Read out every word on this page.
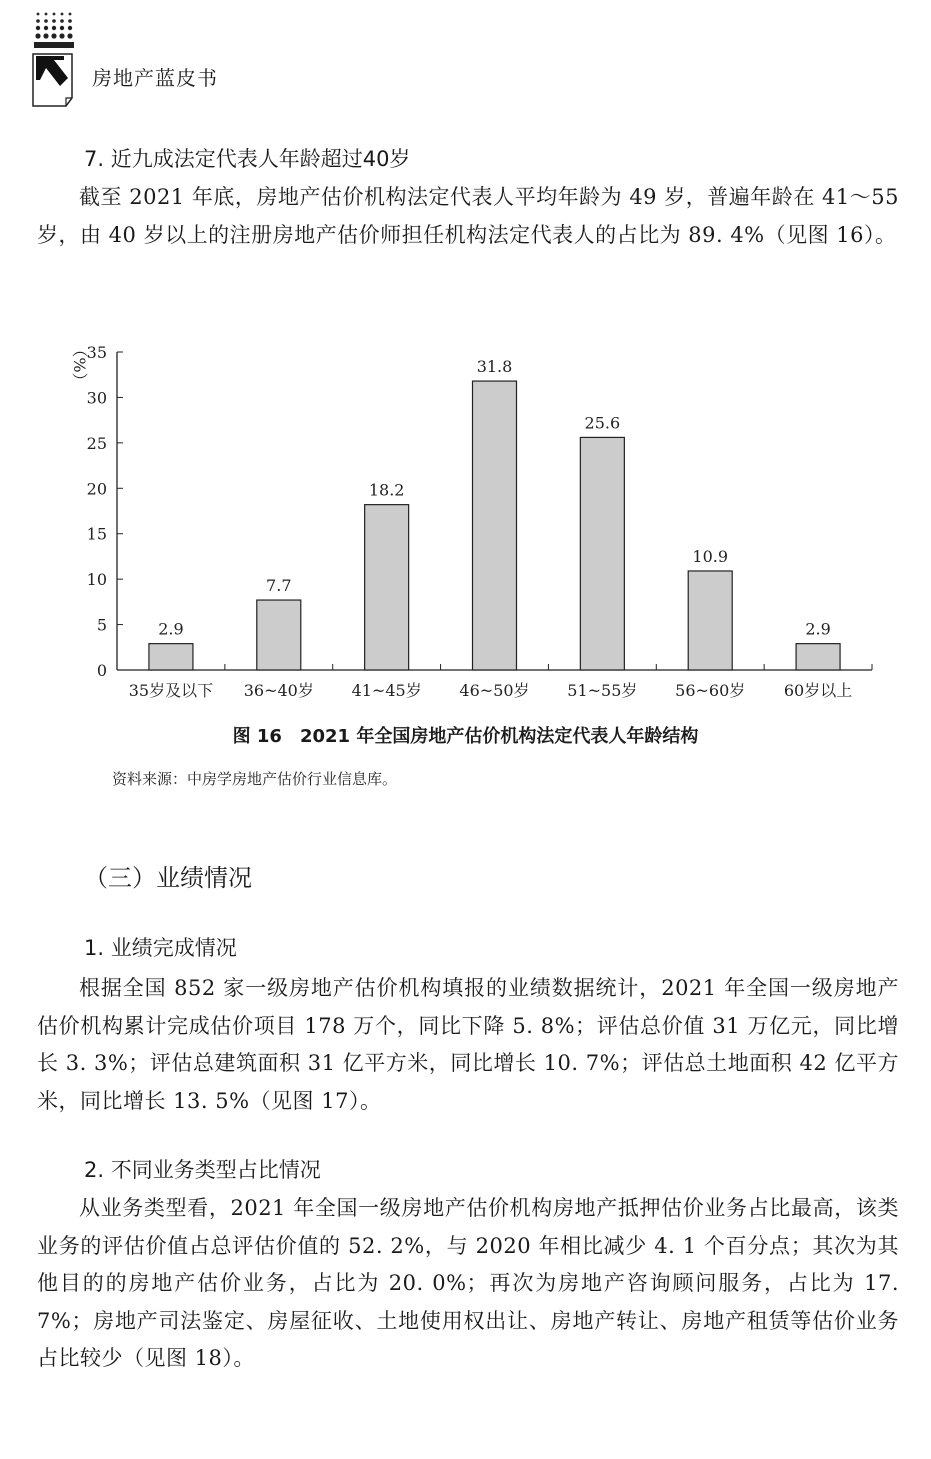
房地产蓝皮书
7. 近九成法定代表人年龄超过40岁
截至 2021 年底，房地产估价机构法定代表人平均年龄为 49 岁，普遍年龄在 41～55 岁，由 40 岁以上的注册房地产估价师担任机构法定代表人的占比为 89. 4%（见图 16）。
0
5
10
15
20
25
30
35
（%）
2.9
35岁及以下
7.7
36~40岁
18.2
41~45岁
31.8
46~50岁
25.6
51~55岁
10.9
56~60岁
2.9
60岁以上
图 16 2021 年全国房地产估价机构法定代表人年龄结构
资料来源：中房学房地产估价行业信息库。
（三）业绩情况
1. 业绩完成情况
根据全国 852 家一级房地产估价机构填报的业绩数据统计，2021 年全国一级房地产估价机构累计完成估价项目 178 万个，同比下降 5. 8%；评估总价值 31 万亿元，同比增长 3. 3%；评估总建筑面积 31 亿平方米，同比增长 10. 7%；评估总土地面积 42 亿平方米，同比增长 13. 5%（见图 17）。
2. 不同业务类型占比情况
从业务类型看，2021 年全国一级房地产估价机构房地产抵押估价业务占比最高，该类业务的评估价值占总评估价值的 52. 2%，与 2020 年相比减少 4. 1 个百分点；其次为其他目的的房地产估价业务，占比为 20. 0%；再次为房地产咨询顾问服务，占比为 17. 7%；房地产司法鉴定、房屋征收、土地使用权出让、房地产转让、房地产租赁等估价业务占比较少（见图 18）。
